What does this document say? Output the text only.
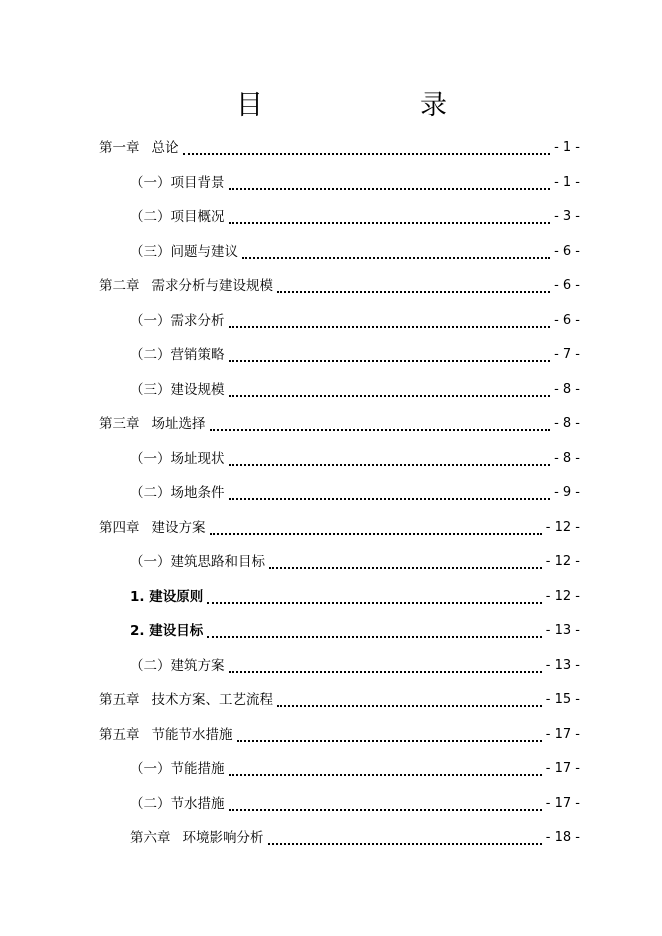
目	录
第一章 总论	- 1 -
（一）项目背景	- 1 -
（二）项目概况	- 3 -
（三）问题与建议	- 6 -
第二章 需求分析与建设规模	- 6 -
（一）需求分析	- 6 -
（二）营销策略	- 7 -
（三）建设规模	- 8 -
第三章 场址选择	- 8 -
（一）场址现状	- 8 -
（二）场地条件	- 9 -
第四章 建设方案	- 12 -
（一）建筑思路和目标	- 12 -
1. 建设原则	- 12 -
2. 建设目标	- 13 -
（二）建筑方案	- 13 -
第五章 技术方案、工艺流程	- 15 -
第五章 节能节水措施	- 17 -
（一）节能措施	- 17 -
（二）节水措施	- 17 -
第六章 环境影响分析	- 18 -
